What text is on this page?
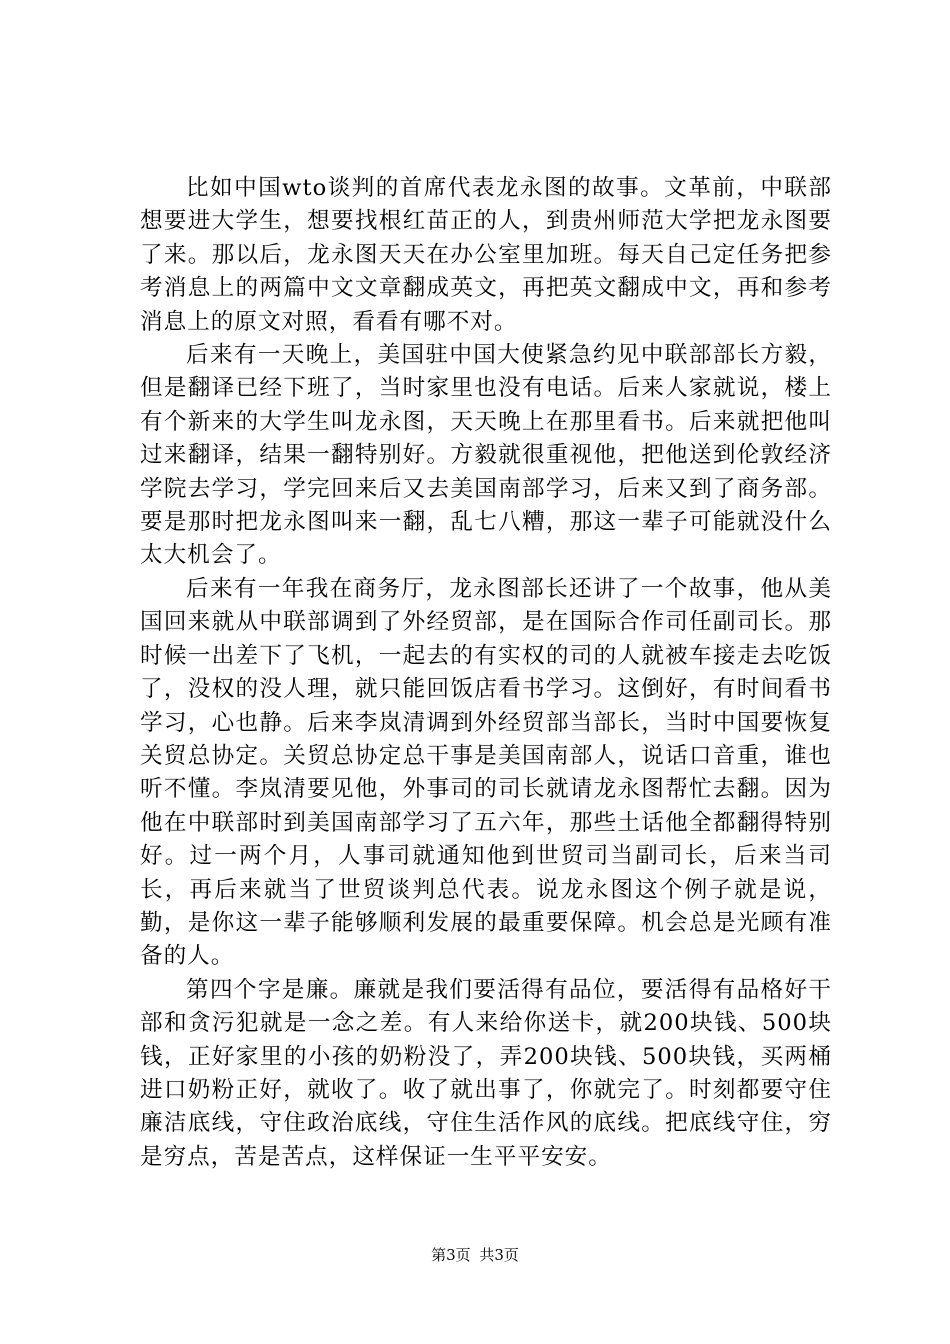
比如中国wto谈判的首席代表龙永图的故事。文革前，中联部想要进大学生，想要找根红苗正的人，到贵州师范大学把龙永图要了来。那以后，龙永图天天在办公室里加班。每天自己定任务把参考消息上的两篇中文文章翻成英文，再把英文翻成中文，再和参考消息上的原文对照，看看有哪不对。

后来有一天晚上，美国驻中国大使紧急约见中联部部长方毅，但是翻译已经下班了，当时家里也没有电话。后来人家就说，楼上有个新来的大学生叫龙永图，天天晚上在那里看书。后来就把他叫过来翻译，结果一翻特别好。方毅就很重视他，把他送到伦敦经济学院去学习，学完回来后又去美国南部学习，后来又到了商务部。要是那时把龙永图叫来一翻，乱七八糟，那这一辈子可能就没什么太大机会了。

后来有一年我在商务厅，龙永图部长还讲了一个故事，他从美国回来就从中联部调到了外经贸部，是在国际合作司任副司长。那时候一出差下了飞机，一起去的有实权的司的人就被车接走去吃饭了，没权的没人理，就只能回饭店看书学习。这倒好，有时间看书学习，心也静。后来李岚清调到外经贸部当部长，当时中国要恢复关贸总协定。关贸总协定总干事是美国南部人，说话口音重，谁也听不懂。李岚清要见他，外事司的司长就请龙永图帮忙去翻。因为他在中联部时到美国南部学习了五六年，那些土话他全都翻得特别好。过一两个月，人事司就通知他到世贸司当副司长，后来当司长，再后来就当了世贸谈判总代表。说龙永图这个例子就是说，勤，是你这一辈子能够顺利发展的最重要保障。机会总是光顾有准备的人。

第四个字是廉。廉就是我们要活得有品位，要活得有品格好干部和贪污犯就是一念之差。有人来给你送卡，就200块钱、500块钱，正好家里的小孩的奶粉没了，弄200块钱、500块钱，买两桶进口奶粉正好，就收了。收了就出事了，你就完了。时刻都要守住廉洁底线，守住政治底线，守住生活作风的底线。把底线守住，穷是穷点，苦是苦点，这样保证一生平平安安。

第3页 共3页
